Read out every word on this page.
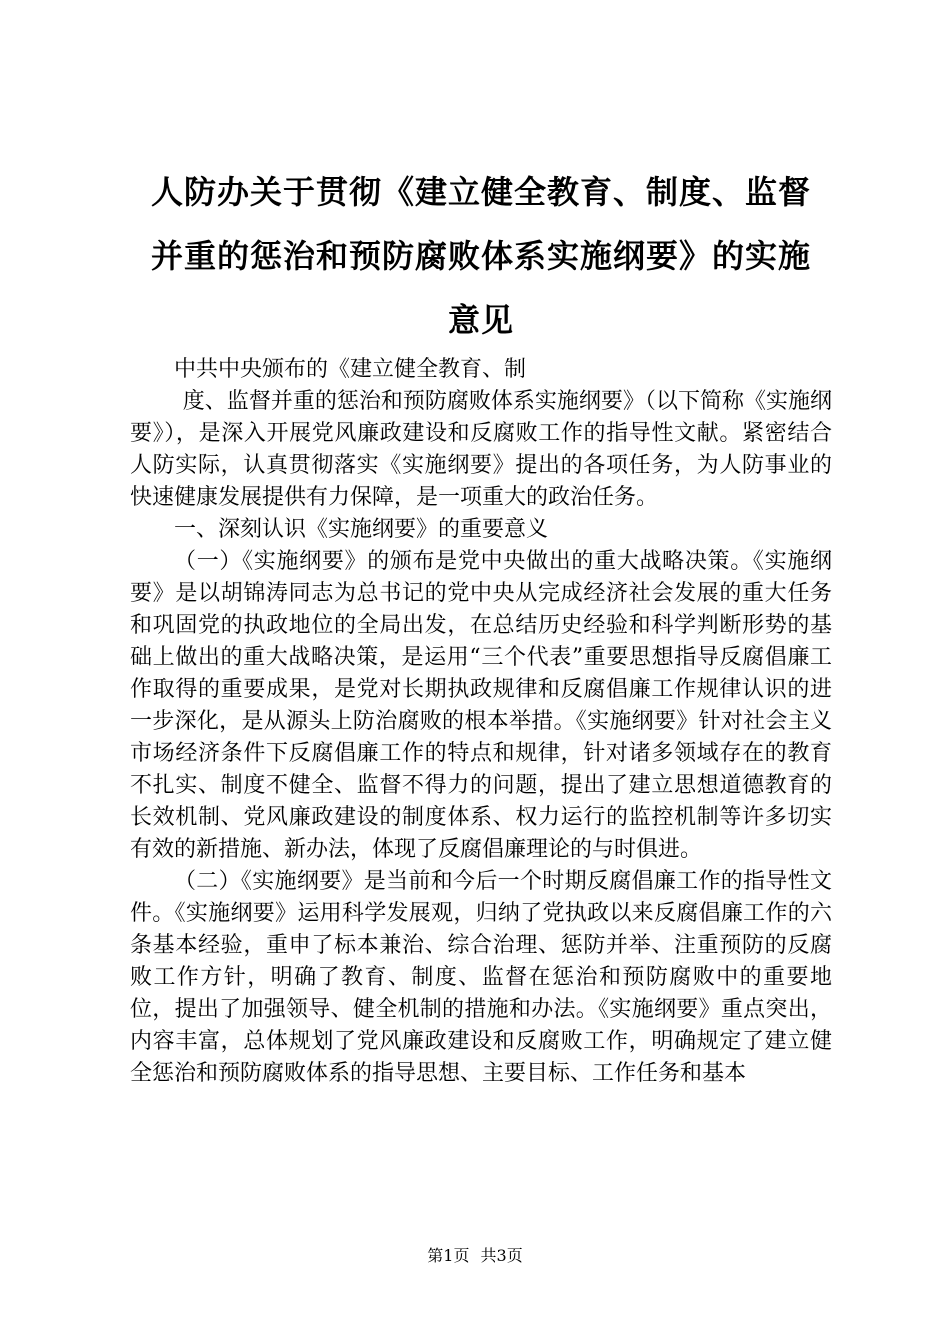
人防办关于贯彻《建立健全教育、制度、监督
并重的惩治和预防腐败体系实施纲要》的实施
意见

中共中央颁布的《建立健全教育、制

度、监督并重的惩治和预防腐败体系实施纲要》（以下简称《实施纲要》），是深入开展党风廉政建设和反腐败工作的指导性文献。紧密结合人防实际，认真贯彻落实《实施纲要》提出的各项任务，为人防事业的快速健康发展提供有力保障，是一项重大的政治任务。

一、深刻认识《实施纲要》的重要意义

（一）《实施纲要》的颁布是党中央做出的重大战略决策。《实施纲要》是以胡锦涛同志为总书记的党中央从完成经济社会发展的重大任务和巩固党的执政地位的全局出发，在总结历史经验和科学判断形势的基础上做出的重大战略决策，是运用“三个代表”重要思想指导反腐倡廉工作取得的重要成果，是党对长期执政规律和反腐倡廉工作规律认识的进一步深化，是从源头上防治腐败的根本举措。《实施纲要》针对社会主义市场经济条件下反腐倡廉工作的特点和规律，针对诸多领域存在的教育不扎实、制度不健全、监督不得力的问题，提出了建立思想道德教育的长效机制、党风廉政建设的制度体系、权力运行的监控机制等许多切实有效的新措施、新办法，体现了反腐倡廉理论的与时俱进。

（二）《实施纲要》是当前和今后一个时期反腐倡廉工作的指导性文件。《实施纲要》运用科学发展观，归纳了党执政以来反腐倡廉工作的六条基本经验，重申了标本兼治、综合治理、惩防并举、注重预防的反腐败工作方针，明确了教育、制度、监督在惩治和预防腐败中的重要地位，提出了加强领导、健全机制的措施和办法。《实施纲要》重点突出，内容丰富，总体规划了党风廉政建设和反腐败工作，明确规定了建立健全惩治和预防腐败体系的指导思想、主要目标、工作任务和基本

第1页 共3页
